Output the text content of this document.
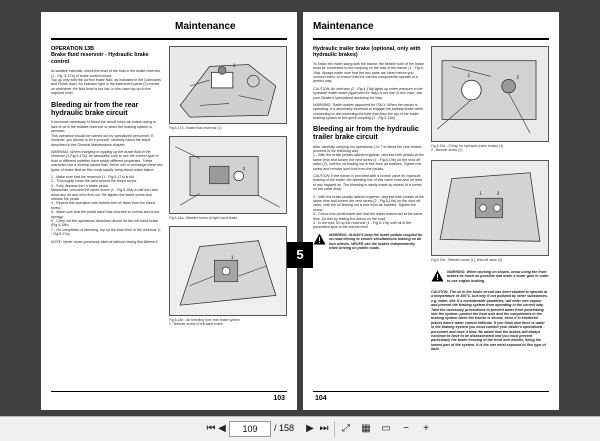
Maintenance
OPERATION 13B
Brake fluid reservoir - Hydraulic brake control
At suitable intervals, check the level of the fluid in the brake reservoir (1 - Fig. 5-17a) of brake control circuit.
Top up only with the correct brake fluid, as indicated in the Lubricants and Fluids chart. An indicator light in the instrument panel (2) comes on whenever the fluid level is too low. In this case top up to the required level.
Bleeding air from the rear hydraulic brake circuit
It becomes necessary to bleed the circuit when air enters owing to lack of oil in the relative reservoir or when the braking system is serviced.
This operation should be carried out by specialized personnel. If, however, you decide to do it yourself, carefully follow the steps described in the General Maintenance chapter.
WARNING: When changing or topping up the brake fluid in the reservoir (1-Fig.5-17a), be absolutely sure to use the correct type of fluid or different varieties have totally different properties. These machines use a mineral-based fluid. Never mix or exchange these two types of brake fluid as this could rapidly bring about brake failure
1 - Make sure that the reservoir (1 - Fig.5-17a) is full.
2 - Thoroughly clean the area around the bleed screw.
3 - Fully depress the rh brake pedal.
Meanwhile, unscrew the bleed screw (1 - Fig.5-18a) a half-turn and allow any air and oil to flow out. Re-tighten the bleed screw and release the pedal.
4 - Repeat this operation until bubble-free oil flows from the bleed screw.
5 - Make sure that the pedal travel has returned to normal and is not spongy.
6 - Carry out the operations described above for the left-hand brake (Fig.5-18b).
7 - On completion of bleeding, top up the fluid level in the reservoir (1 - Fig.5-17a).
NOTE: Never reuse previously bled oil without having first filtered it.
1
Fig.5-17a - Brake fluid reservoir (1)
1
Fig.5-18a - Bleeder screw of right-hand brake
1
Fig.5-18b - Air bleeding from rear brake system
1 - Bleeder screw of left-hand brake
103
Maintenance
Hydraulic trailer brake (optional, only with hydraulic brakes)
To brake the trailer along with the tractor, the flexible tube of the brake must be connected to the coupling on the rear of the tractor (1 - Fig.5-19a). Always make sure that the two parts are clean before you connect them, to ensure that the various components operate in a perfect way.
CAUTION: An indicator (2 - Fig.4-19a) lights up when pressure in the hydraulic trailer brake (approved for Italy) is too low. In this case, ask your Dealer's specialized workshop for help.
WARNING: Trailer brakes approved for ITALY. When the tractor is operating, it is absolutely essential to engage the parking brake when connecting or disconnecting the tube that links the tap of the trailer braking system to the quick coupling (1 - Fig.5-19a)
Bleeding air from the hydraulic trailer brake circuit
After carefully carrying out operations 1 to 7 to bleed the rear brakes, proceed in the following way:
1 - With the brake pedals latched together, depress both pedals at the same time and loosen the vent screw (1 - Fig.5-19b) on the shut-off valve (2), until the oil flowing out is free from air bubbles. Tighten the screw and remove your foot from the pedals.
CAUTION: If the tractor is provided with a control valve for hydraulic braking of the trailer, the bleeding line of this valve must also be bled of any trapped air. The bleeding is easily made by means of a screw on the valve body.
2 - With the brake pedals latched together, depress both pedals at the same time and loosen the vent screw (2 - Fig.5-19a) on the shut-off valve, until the oil flowing out is free from air bubbles. Tighten the screw.
3 - Check free pedal travel and that the trailer brakes act at the same time. Do this by testing the action on the road.
4 - In the end, fill up the reservoir (1 - Fig.5-17a) with oil of the prescribed type to the correct level.
WARNING: ALWAYS keep the brake pedals coupled for on-road driving to ensure simultaneous braking on all four wheels. NEVER use the brakes independently when driving on public roads.
1	2
Fig.5-19a - Oil tap for hydraulic trailer brakes (1)
2 - Bleeder screw (2)
1	2
Fig.5-19b - Bleeder screw (1), shut-off valve (2).
WARNING: When working on slopes, avoid using the front brakes as much as possible and make a lower gear in order to use engine braking.
CAUTION: The oil in the brake circuit has been studied to operate at a temperature of 100°C, but only if not polluted by other substances, e.g. water, dirt. If a considerable quantities, will enter into vapour and prevent the braking system from operating in the correct way. Take the necessary precautions to prevent water from penetrating into the system: protect the front axle and the components in the braking system when the tractor is stored; store it in sheltered places where water cannot infiltrate. If you think that there is water in the braking system you must contact your dealer's specialized personnel and have it bled. Be aware that the brakes will always continue to have to be disassembled and you must prevent particularly the brake freezing of the front axle wheels, being the lowest part of the system, it is the one most exposed to this type of fault.
104
5
⏮ ◀	109	/ 158	▶ ⏭	⤢	▦	▭	−	+
